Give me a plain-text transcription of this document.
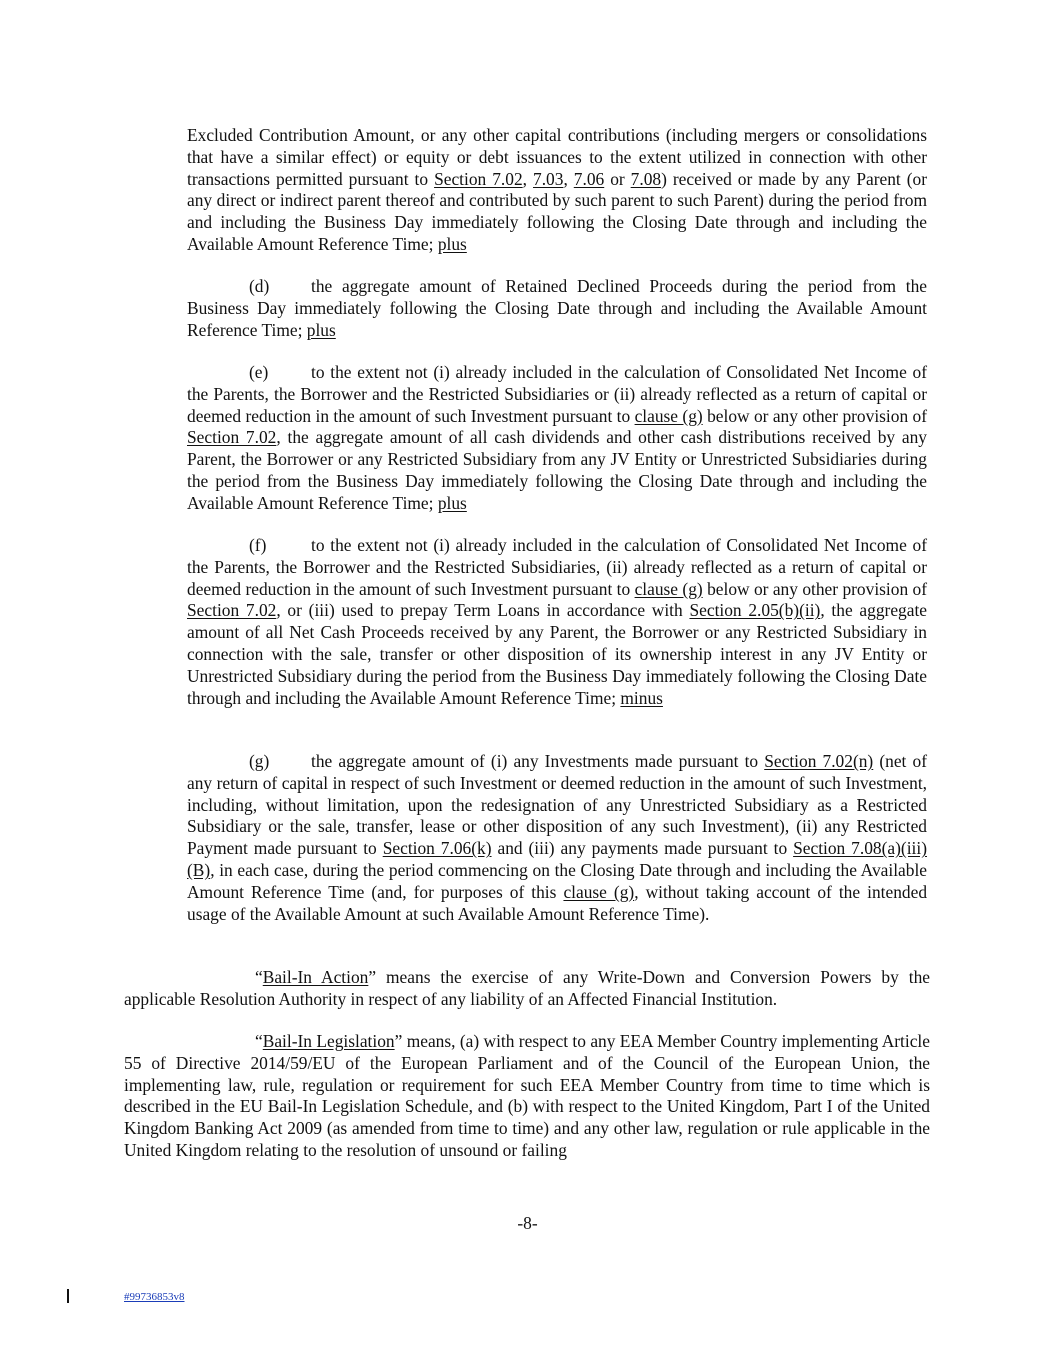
Excluded Contribution Amount, or any other capital contributions (including mergers or consolidations that have a similar effect) or equity or debt issuances to the extent utilized in connection with other transactions permitted pursuant to Section 7.02, 7.03, 7.06 or 7.08) received or made by any Parent (or any direct or indirect parent thereof and contributed by such parent to such Parent) during the period from and including the Business Day immediately following the Closing Date through and including the Available Amount Reference Time; plus

(d) the aggregate amount of Retained Declined Proceeds during the period from the Business Day immediately following the Closing Date through and including the Available Amount Reference Time; plus

(e) to the extent not (i) already included in the calculation of Consolidated Net Income of the Parents, the Borrower and the Restricted Subsidiaries or (ii) already reflected as a return of capital or deemed reduction in the amount of such Investment pursuant to clause (g) below or any other provision of Section 7.02, the aggregate amount of all cash dividends and other cash distributions received by any Parent, the Borrower or any Restricted Subsidiary from any JV Entity or Unrestricted Subsidiaries during the period from the Business Day immediately following the Closing Date through and including the Available Amount Reference Time; plus

(f)	to the extent not (i) already included in the calculation of Consolidated Net Income of the Parents, the Borrower and the Restricted Subsidiaries, (ii) already reflected as a return of capital or deemed reduction in the amount of such Investment pursuant to clause (g) below or any other provision of Section 7.02, or (iii) used to prepay Term Loans in accordance with Section 2.05(b)(ii), the aggregate amount of all Net Cash Proceeds received by any Parent, the Borrower or any Restricted Subsidiary in connection with the sale, transfer or other disposition of its ownership interest in any JV Entity or Unrestricted Subsidiary during the period from the Business Day immediately following the Closing Date through and including the Available Amount Reference Time; minus

(g) the aggregate amount of (i) any Investments made pursuant to Section 7.02(n) (net of any return of capital in respect of such Investment or deemed reduction in the amount of such Investment, including, without limitation, upon the redesignation of any Unrestricted Subsidiary as a Restricted Subsidiary or the sale, transfer, lease or other disposition of any such Investment), (ii) any Restricted Payment made pursuant to Section 7.06(k) and (iii) any payments made pursuant to Section 7.08(a)(iii)(B), in each case, during the period commencing on the Closing Date through and including the Available Amount Reference Time (and, for purposes of this clause (g), without taking account of the intended usage of the Available Amount at such Available Amount Reference Time).

“Bail-In Action” means the exercise of any Write-Down and Conversion Powers by the applicable Resolution Authority in respect of any liability of an Affected Financial Institution.

“Bail-In Legislation” means, (a) with respect to any EEA Member Country implementing Article 55 of Directive 2014/59/EU of the European Parliament and of the Council of the European Union, the implementing law, rule, regulation or requirement for such EEA Member Country from time to time which is described in the EU Bail-In Legislation Schedule, and (b) with respect to the United Kingdom, Part I of the United Kingdom Banking Act 2009 (as amended from time to time) and any other law, regulation or rule applicable in the United Kingdom relating to the resolution of unsound or failing

-8-
#99736853v8
